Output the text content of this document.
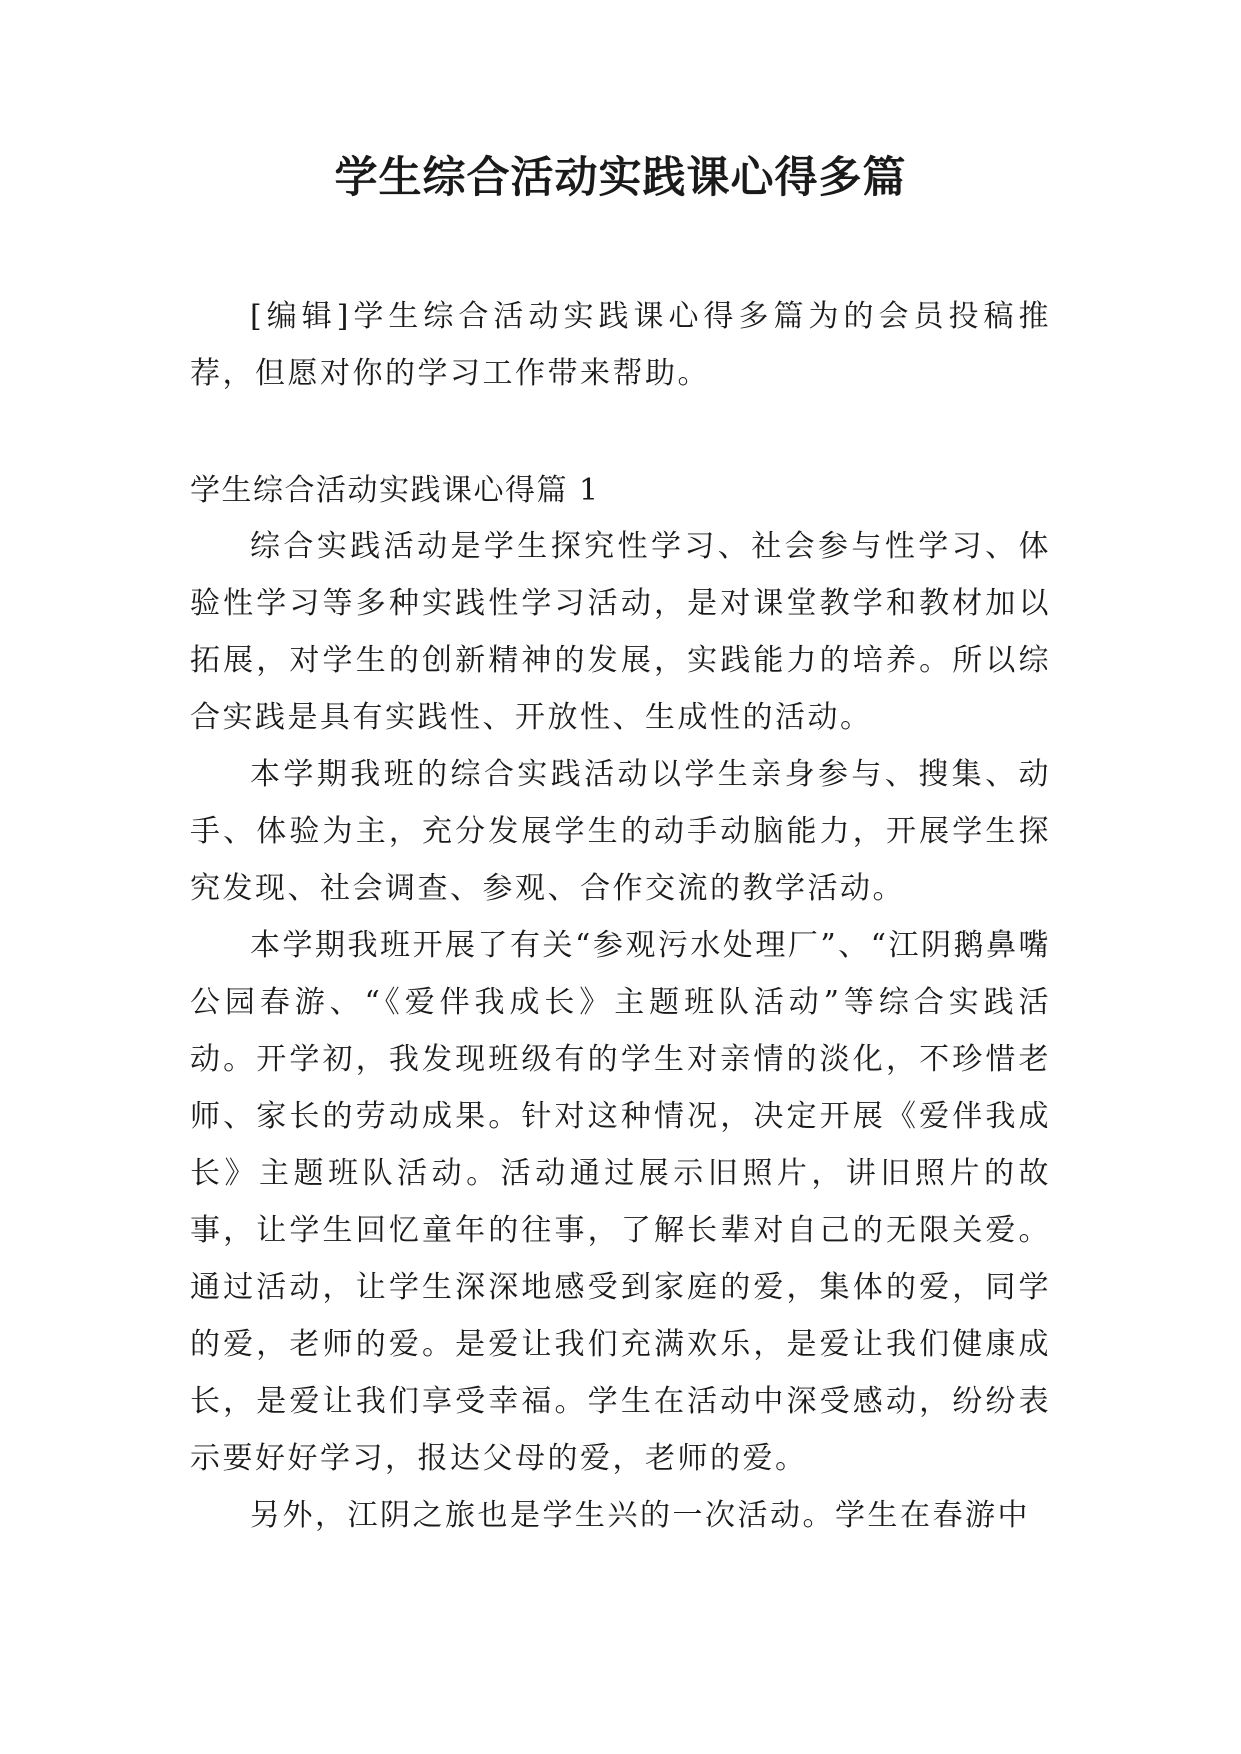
学生综合活动实践课心得多篇

[编辑]学生综合活动实践课心得多篇为的会员投稿推荐，但愿对你的学习工作带来帮助。

学生综合活动实践课心得篇 1

综合实践活动是学生探究性学习、社会参与性学习、体验性学习等多种实践性学习活动，是对课堂教学和教材加以拓展，对学生的创新精神的发展，实践能力的培养。所以综合实践是具有实践性、开放性、生成性的活动。

本学期我班的综合实践活动以学生亲身参与、搜集、动手、体验为主，充分发展学生的动手动脑能力，开展学生探究发现、社会调查、参观、合作交流的教学活动。

本学期我班开展了有关“参观污水处理厂”、“江阴鹅鼻嘴公园春游、“《爱伴我成长》主题班队活动”等综合实践活动。开学初，我发现班级有的学生对亲情的淡化，不珍惜老师、家长的劳动成果。针对这种情况，决定开展《爱伴我成长》主题班队活动。活动通过展示旧照片，讲旧照片的故事，让学生回忆童年的往事，了解长辈对自己的无限关爱。通过活动，让学生深深地感受到家庭的爱，集体的爱，同学的爱，老师的爱。是爱让我们充满欢乐，是爱让我们健康成长，是爱让我们享受幸福。学生在活动中深受感动，纷纷表示要好好学习，报达父母的爱，老师的爱。

另外，江阴之旅也是学生兴的一次活动。学生在春游中
